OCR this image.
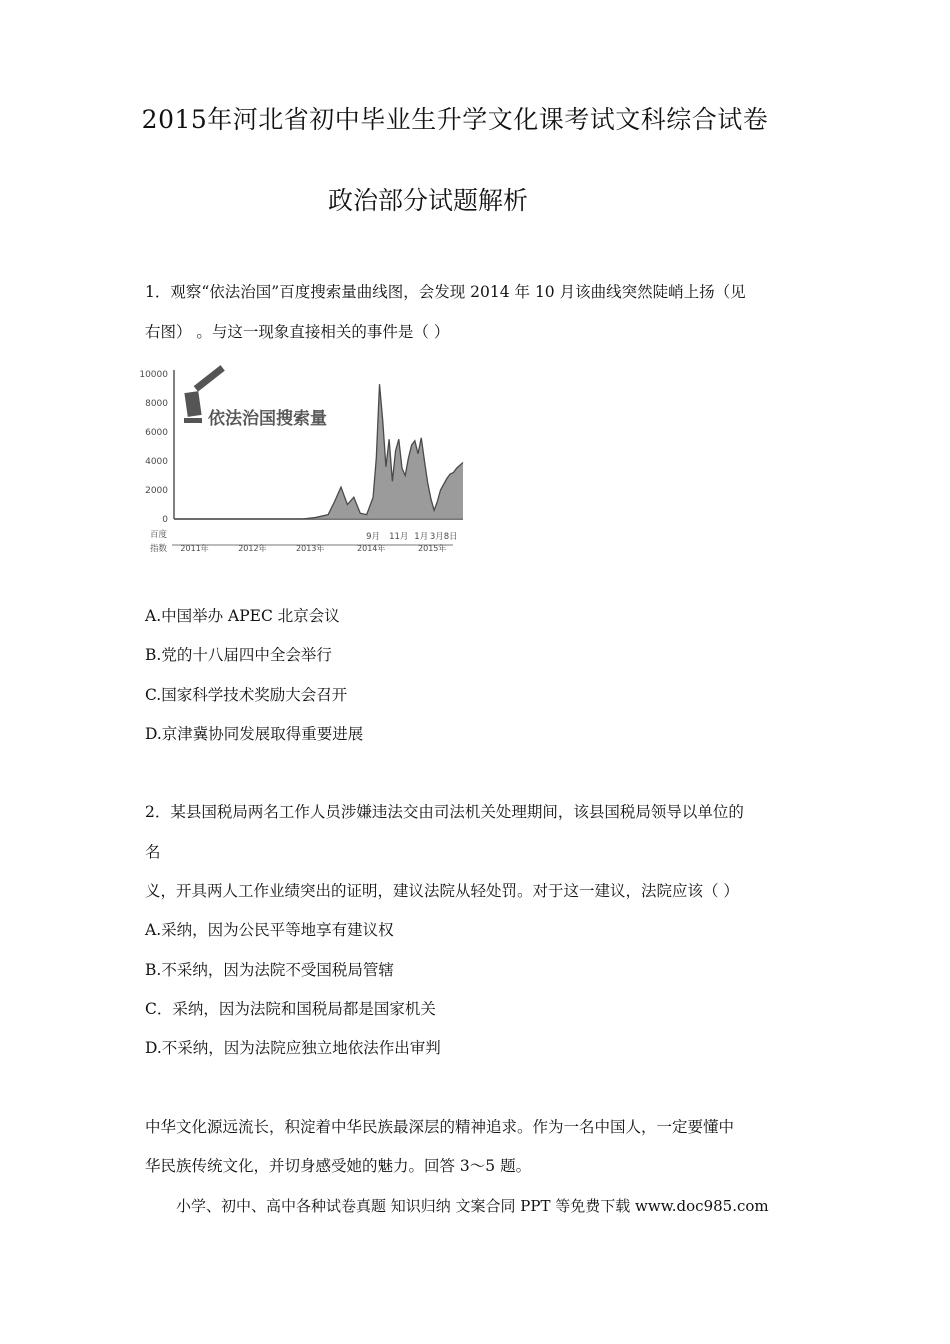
2015年河北省初中毕业生升学文化课考试文科综合试卷
政治部分试题解析
1．观察“依法治国”百度搜索量曲线图，会发现 2014 年 10 月该曲线突然陡峭上扬（见
右图） 。与这一现象直接相关的事件是（ ）
10000
8000
6000
4000
2000
0
依法治国搜索量
9月 11月 1月 3月8日
百度
指数 2011年	2012年	2013年	2014年	2015年
A.中国举办 APEC 北京会议
B.党的十八届四中全会举行
C.国家科学技术奖励大会召开
D.京津冀协同发展取得重要进展
2．某县国税局两名工作人员涉嫌违法交由司法机关处理期间，该县国税局领导以单位的
名
义，开具两人工作业绩突出的证明，建议法院从轻处罚。对于这一建议，法院应该（ ）
A.采纳，因为公民平等地享有建议权
B.不采纳，因为法院不受国税局管辖
C．采纳，因为法院和国税局都是国家机关
D.不采纳，因为法院应独立地依法作出审判
中华文化源远流长，积淀着中华民族最深层的精神追求。作为一名中国人，一定要懂中
华民族传统文化，并切身感受她的魅力。回答 3～5 题。
小学、初中、高中各种试卷真题 知识归纳 文案合同 PPT 等免费下载 www.doc985.com
